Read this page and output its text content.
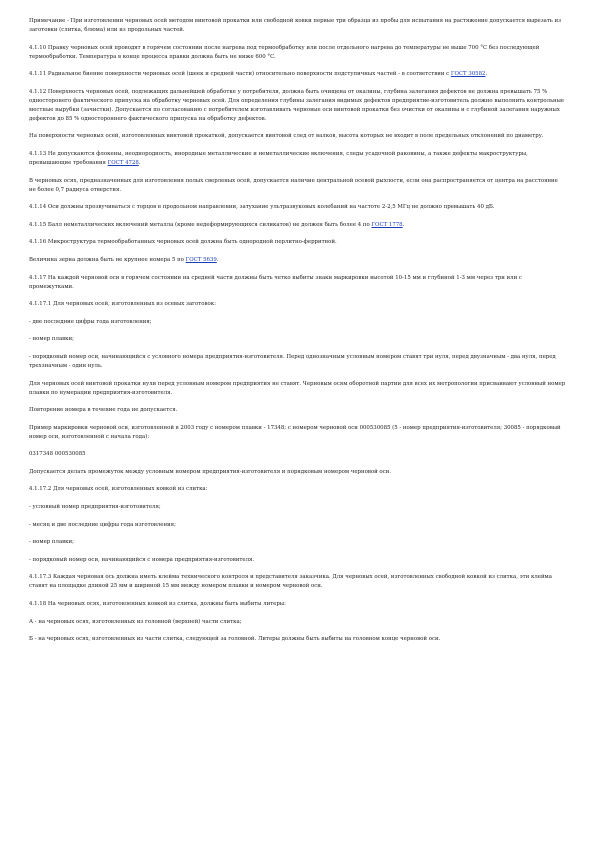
Примечание - При изготовлении черновых осей методом винтовой прокатки или свободной ковки первые три образца из пробы для испытания на растяжение допускается вырезать из заготовки (слитка, блюма) или из продольных частей.

4.1.10 Правку черновых осей проводят в горячем состоянии после нагрева под термообработку или после отдельного нагрева до температуры не выше 700 °C без последующей термообработки. Температура в конце процесса правки должна быть не ниже 600 °C.

4.1.11 Радиальное биение поверхности черновых осей (шеек и средней части) относительно поверхности подступичных частей - в соответствии с ГОСТ 30582.

4.1.12 Поверхность черновых осей, подлежащих дальнейшей обработке у потребителя, должна быть очищена от окалины, глубина залегания дефектов не должна превышать 75 % односторонего фактического припуска на обработку черновых осей. Для определения глубины залегания видимых дефектов предприятие-изготовитель должно выполнить контрольные местные вырубки (зачистки). Допускается по согласованию с потребителем изготавливать черновые оси винтовой прокатки без очистки от окалины и с глубиной залегания наружных дефектов до 85 % одностороннего фактического припуска на обработку дефектов.

На поверхности черновых осей, изготовленных винтовой прокаткой, допускается винтовой след от валков, высота которых не входит в поле предельных отклонений по диаметру.

4.1.13 Не допускаются флокены, неоднородность, инородные металлические и неметаллические включения, следы усадочной раковины, а также дефекты макроструктуры, превышающие требования ГОСТ 4728.

В черновых осях, предназначенных для изготовления полых сверленых осей, допускается наличие центральной осевой рыхлости, если она распространяется от центра на расстояние не более 0,7 радиуса отверстия.

4.1.14 Оси должны прозвучиваться с торцов в продольном направлении, затухание ультразвуковых колебаний на частоте 2-2,5 МГц не должно превышать 40 дБ.

4.1.15 Балл неметаллических включений металла (кроме недеформирующихся силикатов) не должен быть более 4 по ГОСТ 1778.

4.1.16 Микроструктура термообработанных черновых осей должна быть однородной перлитно-ферритной.

Величина зерна должна быть не крупнее номера 5 по ГОСТ 5639.

4.1.17 На каждой черновой оси в горячем состоянии на средней части должны быть четко выбиты знаки маркировки высотой 10-15 мм и глубиной 1-3 мм через три или с промежутками.

4.1.17.1 Для черновых осей, изготовленных из осевых заготовок:

- две последние цифры года изготовления;

- номер плавки;

- порядковый номер оси, начинающийся с условного номера предприятия-изготовителя. Перед однозначным условным номером ставят три нуля, перед двузначным - два нуля, перед трехзначным - один нуль.

Для черновых осей винтовой прокатки нули перед условным номером предприятия не ставят. Черновым осям оборотной партии для всех их метропологии присваивают условный номер плавки по нумерации предприятия-изготовителя.

Повторение номера в течение года не допускается.

Пример маркировки черновой оси, изготовленной в 2003 году с номером плавки - 17348; с номером черновой оси 000530085 (5 - номер предприятия-изготовителя; 30085 - порядковый номер оси, изготовленной с начала года):

0317348 000530085

Допускается делать промежуток между условным номером предприятия-изготовителя и порядковым номером черновой оси.

4.1.17.2 Для черновых осей, изготовленных ковкой из слитка:

- условный номер предприятия-изготовителя;

- месяц и две последние цифры года изготовления;

- номер плавки;

- порядковый номер оси, начинающийся с номера предприятия-изготовителя.

4.1.17.3 Каждая черновая ось должна иметь клейма технического контроля и представителя заказчика. Для черновых осей, изготовленных свободной ковкой из слитка, эти клейма ставят на площадке длиной 25 мм и шириной 15 мм между номером плавки и номером черновой оси.

4.1.18 На черновых осях, изготовленных ковкой из слитка, должны быть выбиты литеры:

А - на черновых осях, изготовленных из головной (верхней) части слитка;

Б - на черновых осях, изготовленных из части слитка, следующей за головной. Литеры должны быть выбиты на головном конце черновой оси.
